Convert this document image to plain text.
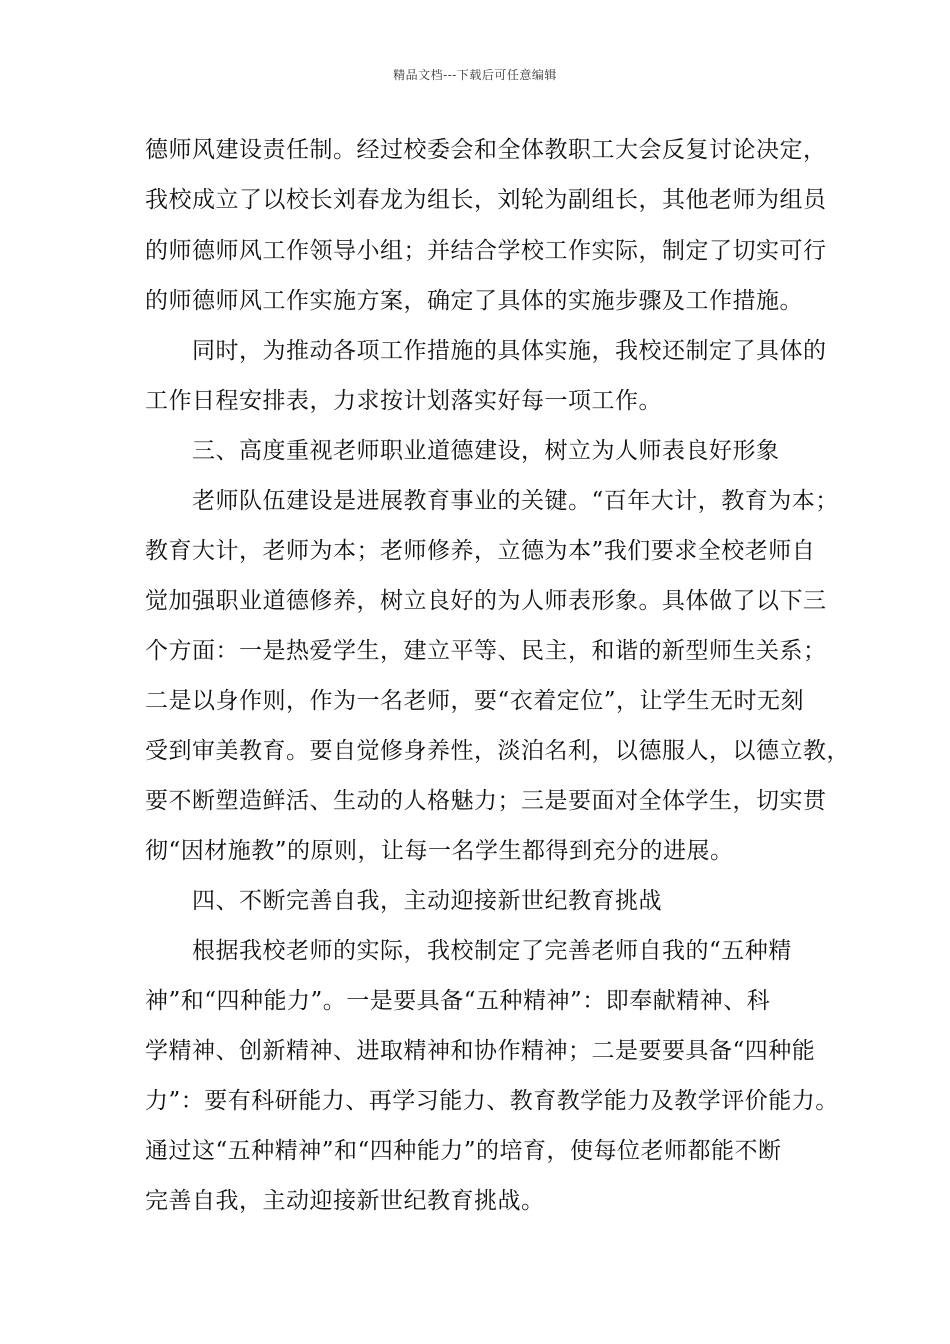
精品文档---下载后可任意编辑
德师风建设责任制。经过校委会和全体教职工大会反复讨论决定，
我校成立了以校长刘春龙为组长，刘轮为副组长，其他老师为组员
的师德师风工作领导小组；并结合学校工作实际，制定了切实可行
的师德师风工作实施方案，确定了具体的实施步骤及工作措施。
同时，为推动各项工作措施的具体实施，我校还制定了具体的
工作日程安排表，力求按计划落实好每一项工作。
三、高度重视老师职业道德建设，树立为人师表良好形象
老师队伍建设是进展教育事业的关键。“百年大计，教育为本；
教育大计，老师为本；老师修养，立德为本”我们要求全校老师自
觉加强职业道德修养，树立良好的为人师表形象。具体做了以下三
个方面：一是热爱学生，建立平等、民主，和谐的新型师生关系；
二是以身作则，作为一名老师，要“衣着定位”，让学生无时无刻
受到审美教育。要自觉修身养性，淡泊名利，以德服人，以德立教，
要不断塑造鲜活、生动的人格魅力；三是要面对全体学生，切实贯
彻“因材施教”的原则，让每一名学生都得到充分的进展。
四、不断完善自我，主动迎接新世纪教育挑战
根据我校老师的实际，我校制定了完善老师自我的“五种精
神”和“四种能力”。一是要具备“五种精神”：即奉献精神、科
学精神、创新精神、进取精神和协作精神；二是要要具备“四种能
力”：要有科研能力、再学习能力、教育教学能力及教学评价能力。
通过这“五种精神”和“四种能力”的培育，使每位老师都能不断
完善自我，主动迎接新世纪教育挑战。
